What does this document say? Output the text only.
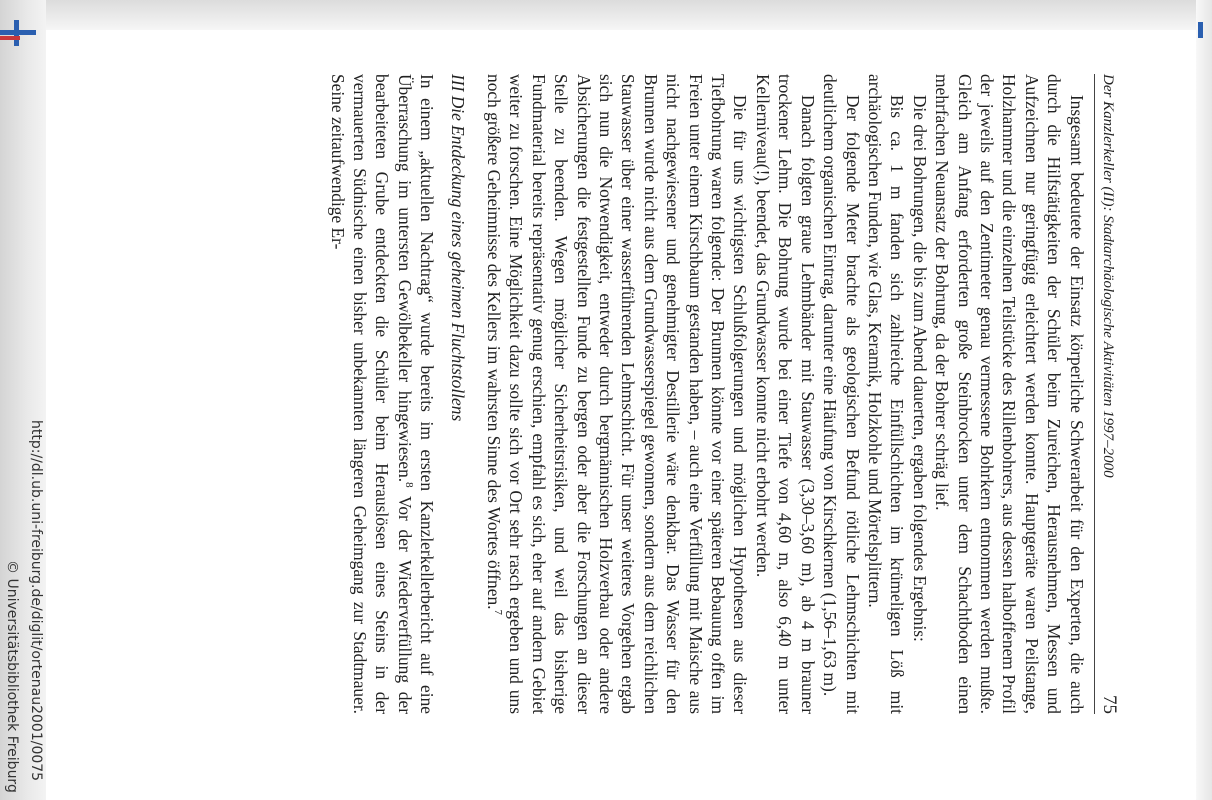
http://dl.ub.uni-freiburg.de/diglit/ortenau2001/0075
© Universitätsbibliothek Freiburg
Der Kanzlerkeller (II): Stadtarchäologische Aktivitäten 1997–2000
75

Insgesamt bedeutete der Einsatz körperliche Schwerarbeit für den Experten, die auch durch die Hilfstätigkeiten der Schüler beim Zureichen, Herausnehmen, Messen und Aufzeichnen nur geringfügig erleichtert werden konnte. Hauptgeräte waren Peilstange, Holzhammer und die einzelnen Teilstücke des Rillenbohrers, aus dessen halboffenem Profil der jeweils auf den Zentimeter genau vermessene Bohrkern entnommen werden mußte. Gleich am Anfang erforderten große Steinbrocken unter dem Schachtboden einen mehrfachen Neuansatz der Bohrung, da der Bohrer schräg lief.

Die drei Bohrungen, die bis zum Abend dauerten, ergaben folgendes Ergebnis:

Bis ca. 1 m fanden sich zahlreiche Einfüllschichten im krümeligen Löß mit archäologischen Funden, wie Glas, Keramik, Holzkohle und Mörtelsplittern.

Der folgende Meter brachte als geologischen Befund rötliche Lehmschichten mit deutlichem organischen Eintrag, darunter eine Häufung von Kirschkernen (1,56–1,63 m).

Danach folgten graue Lehmbänder mit Stauwasser (3,30–3,60 m), ab 4 m brauner trockener Lehm. Die Bohrung wurde bei einer Tiefe von 4,60 m, also 6,40 m unter Kellerniveau(!), beendet, das Grundwasser konnte nicht erbohrt werden.

Die für uns wichtigsten Schlußfolgerungen und möglichen Hypothesen aus dieser Tiefbohrung waren folgende: Der Brunnen könnte vor einer späteren Bebauung offen im Freien unter einem Kirschbaum gestanden haben, – auch eine Verfüllung mit Maische aus nicht nachgewiesener und genehmigter Destillerie wäre denkbar. Das Wasser für den Brunnen wurde nicht aus dem Grundwasserspiegel gewonnen, sondern aus dem reichlichen Stauwasser über einer wasserführenden Lehmschicht. Für unser weiteres Vorgehen ergab sich nun die Notwendigkeit, entweder durch bergmännischen Holzverbau oder andere Absicherungen die festgestellten Funde zu bergen oder aber die Forschungen an dieser Stelle zu beenden. Wegen möglicher Sicherheitsrisiken, und weil das bisherige Fundmaterial bereits repräsentativ genug erschien, empfahl es sich, eher auf andern Gebiet weiter zu forschen. Eine Möglichkeit dazu sollte sich vor Ort sehr rasch ergeben und uns noch größere Geheimnisse des Kellers im wahrsten Sinne des Wortes öffnen.$^7$

III Die Entdeckung eines geheimen Fluchtstollens

In einem „aktuellen Nachtrag“ wurde bereits im ersten Kanzlerkellerbericht auf eine Überraschung im untersten Gewölbekeller hingewiesen.$^8$ Vor der Wiederverfüllung der bearbeiteten Grube entdeckten die Schüler beim Herauslösen eines Steins in der vermauerten Südnische einen bisher unbekannten längeren Geheimgang zur Stadtmauer. Seine zeitaufwendige Er-
